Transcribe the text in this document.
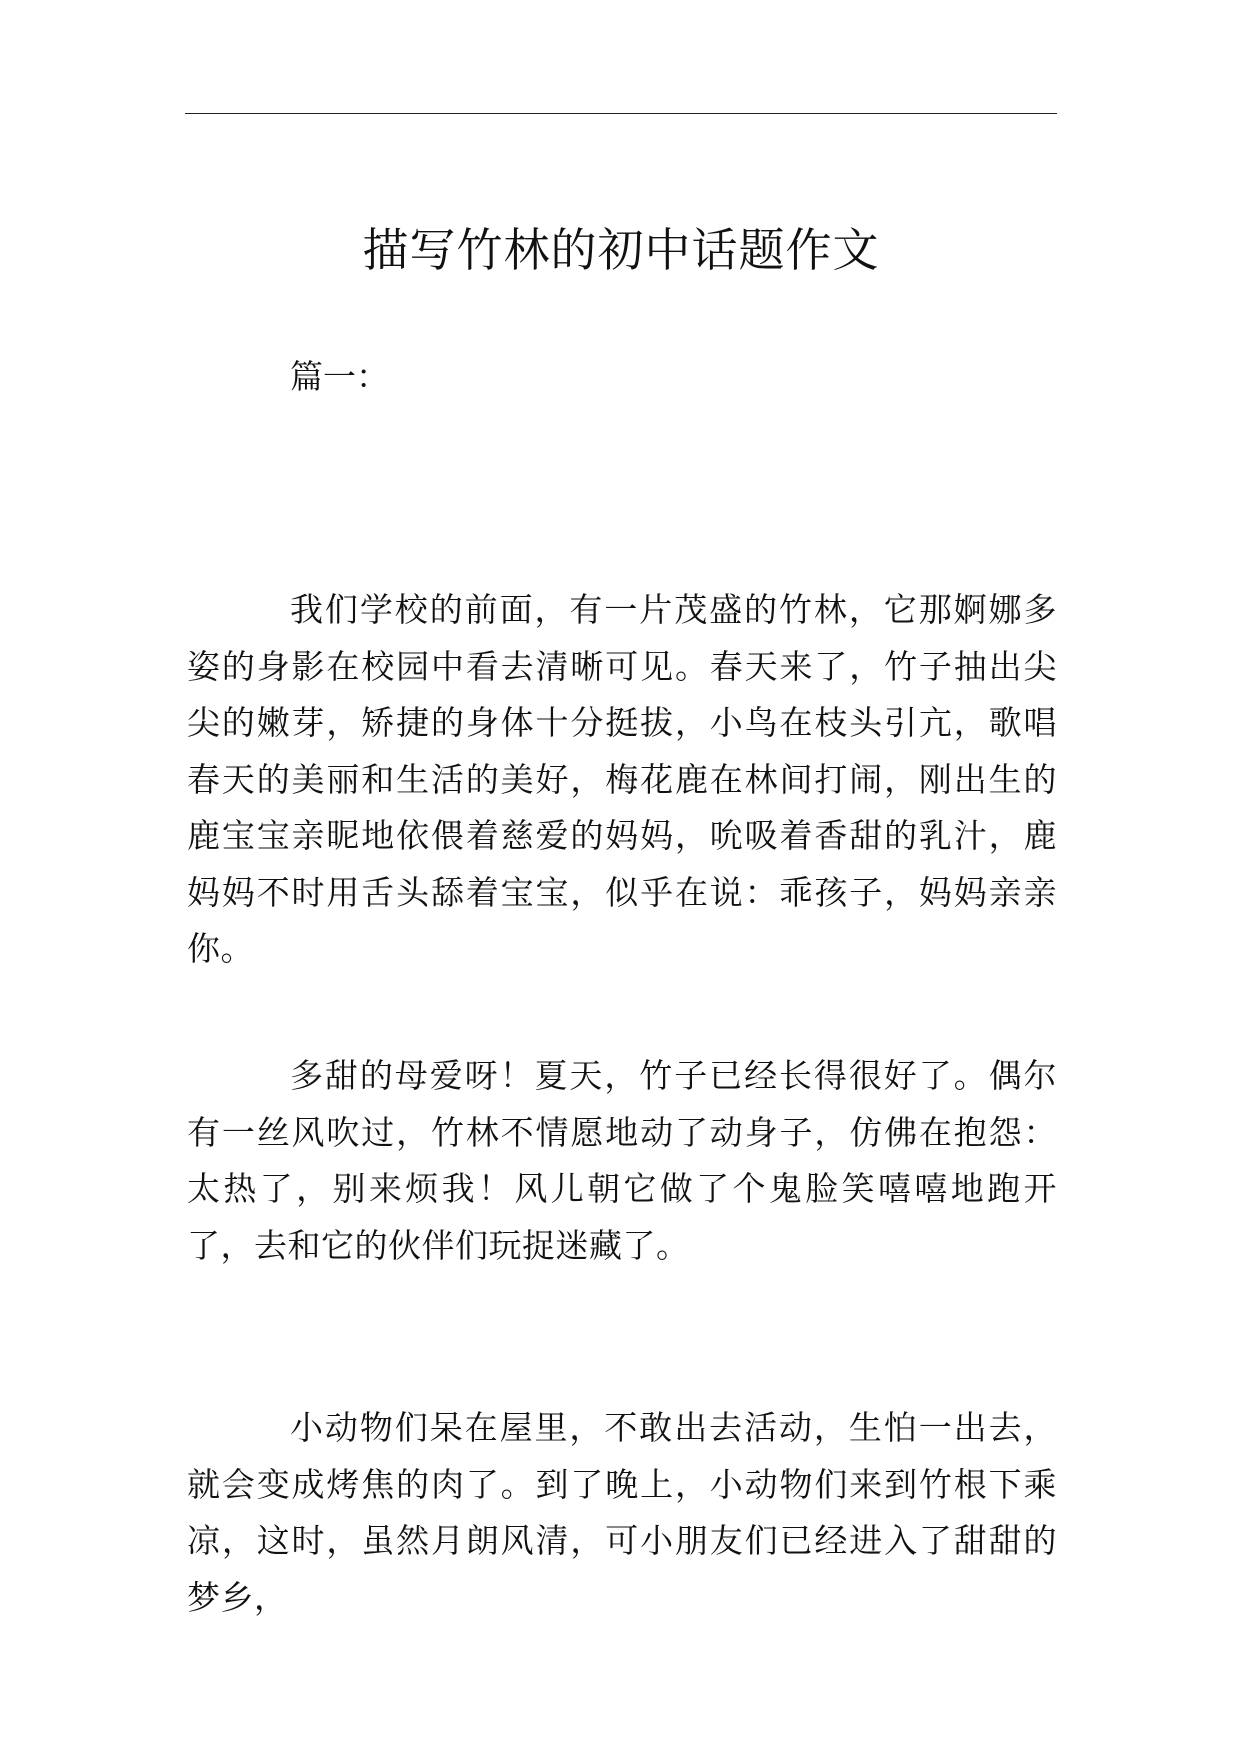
描写竹林的初中话题作文

篇一：

我们学校的前面，有一片茂盛的竹林，它那婀娜多姿的身影在校园中看去清晰可见。春天来了，竹子抽出尖尖的嫩芽，矫捷的身体十分挺拔，小鸟在枝头引亢，歌唱春天的美丽和生活的美好，梅花鹿在林间打闹，刚出生的鹿宝宝亲昵地依偎着慈爱的妈妈，吮吸着香甜的乳汁，鹿妈妈不时用舌头舔着宝宝，似乎在说：乖孩子，妈妈亲亲你。

多甜的母爱呀！夏天，竹子已经长得很好了。偶尔有一丝风吹过，竹林不情愿地动了动身子，仿佛在抱怨：太热了，别来烦我！风儿朝它做了个鬼脸笑嘻嘻地跑开了，去和它的伙伴们玩捉迷藏了。

小动物们呆在屋里，不敢出去活动，生怕一出去，就会变成烤焦的肉了。到了晚上，小动物们来到竹根下乘凉，这时，虽然月朗风清，可小朋友们已经进入了甜甜的梦乡，
